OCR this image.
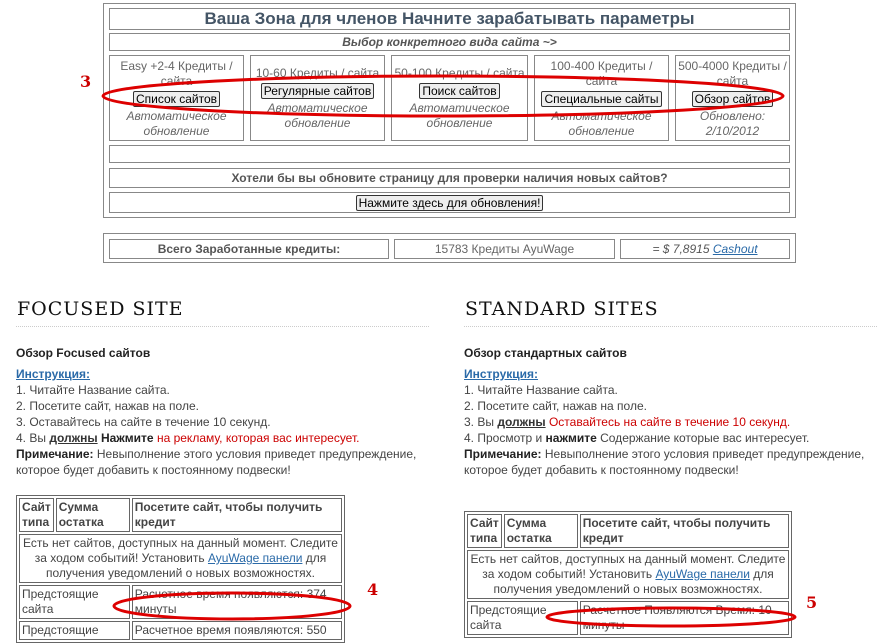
Ваша Зона для членов Начните зарабатывать параметры
Выбор конкретного вида сайта ~>
Easy +2-4 Кредиты / сайта
Список сайтов
Автоматическое обновление
10-60 Кредиты / сайта
Регулярные сайтов
Автоматическое обновление
50-100 Кредиты / сайта
Поиск сайтов
Автоматическое обновление
100-400 Кредиты / сайта
Специальные сайты
Автоматическое обновление
500-4000 Кредиты / сайта
Обзор сайтов
Обновлено: 2/10/2012
Хотели бы вы обновите страницу для проверки наличия новых сайтов?
Нажмите здесь для обновления!
Всего Заработанные кредиты:	15783 Кредиты AyuWage	= $ 7,8915 Cashout
3
FOCUSED SITE
Обзор Focused сайтов
Инструкция:
1. Читайте Название сайта.
2. Посетите сайт, нажав на поле.
3. Оставайтесь на сайте в течение 10 секунд.
4. Вы должны Нажмите на рекламу, которая вас интересует.
Примечание: Невыполнение этого условия приведет предупреждение, которое будет добавить к постоянному подвески!
Сайт типа	Сумма остатка	Посетите сайт, чтобы получить кредит
Есть нет сайтов, доступных на данный момент. Следите за ходом событий! Установить AyuWage панели для получения уведомлений о новых возможностях.		
Предстоящие сайта		Расчетное время появляются: 374 минуты
Предстоящие		Расчетное время появляются: 550
4
STANDARD SITES
Обзор стандартных сайтов
Инструкция:
1. Читайте Название сайта.
2. Посетите сайт, нажав на поле.
3. Вы должны Оставайтесь на сайте в течение 10 секунд.
4. Просмотр и нажмите Содержание которые вас интересует.
Примечание: Невыполнение этого условия приведет предупреждение, которое будет добавить к постоянному подвески!
Сайт типа	Сумма остатка	Посетите сайт, чтобы получить кредит
Есть нет сайтов, доступных на данный момент. Следите за ходом событий! Установить AyuWage панели для получения уведомлений о новых возможностях.		
Предстоящие сайта		Расчетное Появляются Время: 10 минуты
5
